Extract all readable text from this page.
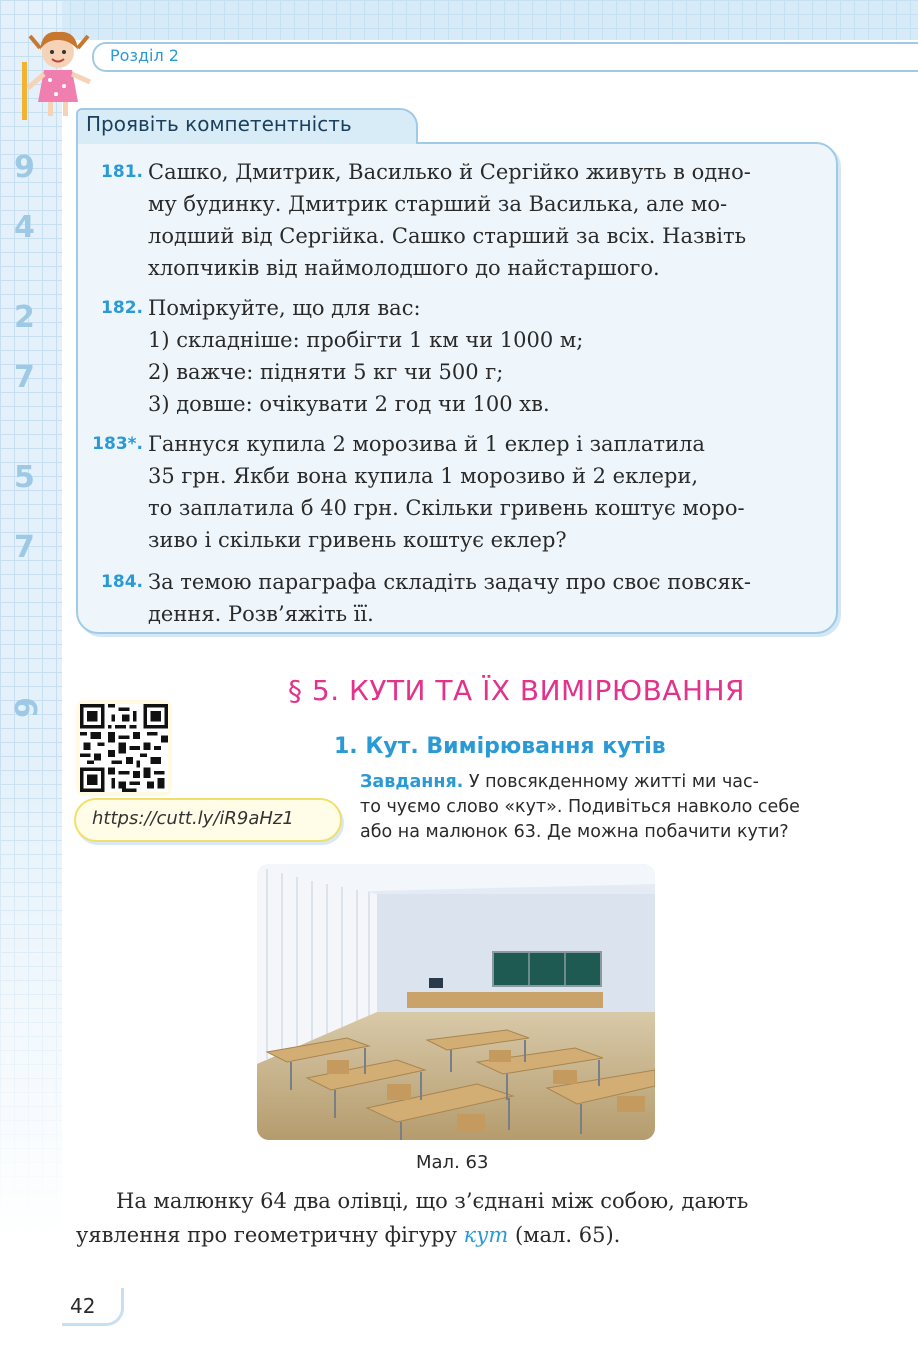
9
4
2
7
5
7
6
Розділ 2
Проявіть компетентність
181. Сашко, Дмитрик, Василько й Сергійко живуть в одно-
му будинку. Дмитрик старший за Василька, але мо-
лодший від Сергійка. Сашко старший за всіх. Назвіть
хлопчиків від наймолодшого до найстаршого.
182. Поміркуйте, що для вас:
1) складніше: пробігти 1 км чи 1000 м;
2) важче: підняти 5 кг чи 500 г;
3) довше: очікувати 2 год чи 100 хв.
183*. Ганнуся купила 2 морозива й 1 еклер і заплатила
35 грн. Якби вона купила 1 морозиво й 2 еклери,
то заплатила б 40 грн. Скільки гривень коштує моро-
зиво і скільки гривень коштує еклер?
184. За темою параграфа складіть задачу про своє повсяк-
дення. Розв’яжіть її.
§ 5. КУТИ ТА ЇХ ВИМІРЮВАННЯ
1. Кут. Вимірювання кутів
https://cutt.ly/iR9aHz1
Завдання. У повсякденному житті ми час-
то чуємо слово «кут». Подивіться навколо себе
або на малюнок 63. Де можна побачити кути?
Мал. 63
На малюнку 64 два олівці, що з’єднані між собою, дають
уявлення про геометричну фігуру кут (мал. 65).
42
